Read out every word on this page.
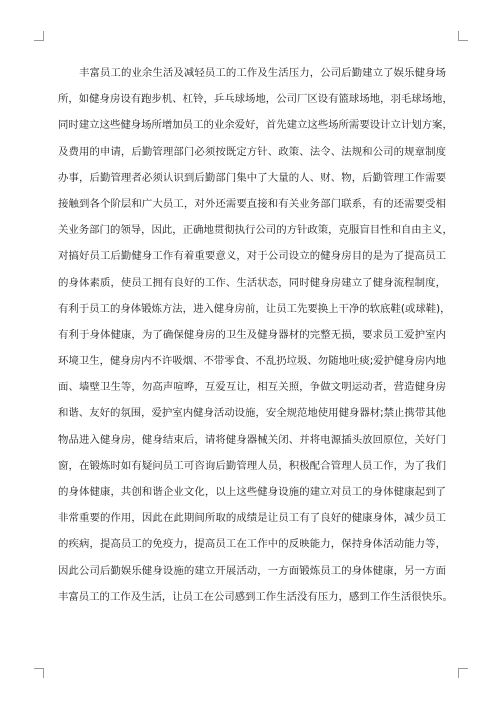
丰富员工的业余生活及减轻员工的工作及生活压力，公司后勤建立了娱乐健身场
所，如健身房设有跑步机、杠铃，乒乓球场地，公司厂区设有篮球场地，羽毛球场地，
同时建立这些健身场所增加员工的业余爱好，首先建立这些场所需要设计立计划方案，
及费用的申请，后勤管理部门必须按既定方针、政策、法令、法规和公司的规章制度
办事，后勤管理者必须认识到后勤部门集中了大量的人、财、物，后勤管理工作需要
接触到各个阶层和广大员工，对外还需要直接和有关业务部门联系，有的还需要受相
关业务部门的领导，因此，正确地贯彻执行公司的方针政策，克服盲目性和自由主义，
对搞好员工后勤健身工作有着重要意义，对于公司设立的健身房目的是为了提高员工
的身体素质，使员工拥有良好的工作、生活状态，同时健身房建立了健身流程制度，
有利于员工的身体锻炼方法，进入健身房前，让员工先要换上干净的软底鞋(或球鞋)，
有利于身体健康，为了确保健身房的卫生及健身器材的完整无损，要求员工爱护室内
环境卫生，健身房内不许吸烟、不带零食、不乱扔垃圾、勿随地吐痰;爱护健身房内地
面、墙壁卫生等，勿高声喧哗，互爱互让，相互关照，争做文明运动者，营造健身房
和谐、友好的氛围，爱护室内健身活动设施，安全规范地使用健身器材;禁止携带其他
物品进入健身房，健身结束后，请将健身器械关闭、并将电源插头放回原位，关好门
窗，在锻炼时如有疑问员工可咨询后勤管理人员，积极配合管理人员工作，为了我们
的身体健康，共创和谐企业文化，以上这些健身设施的建立对员工的身体健康起到了
非常重要的作用，因此在此期间所取的成绩是让员工有了良好的健康身体，减少员工
的疾病，提高员工的免疫力，提高员工在工作中的反映能力，保持身体活动能力等，
因此公司后勤娱乐健身设施的建立开展活动，一方面锻炼员工的身体健康，另一方面
丰富员工的工作及生活，让员工在公司感到工作生活没有压力，感到工作生活很快乐。
